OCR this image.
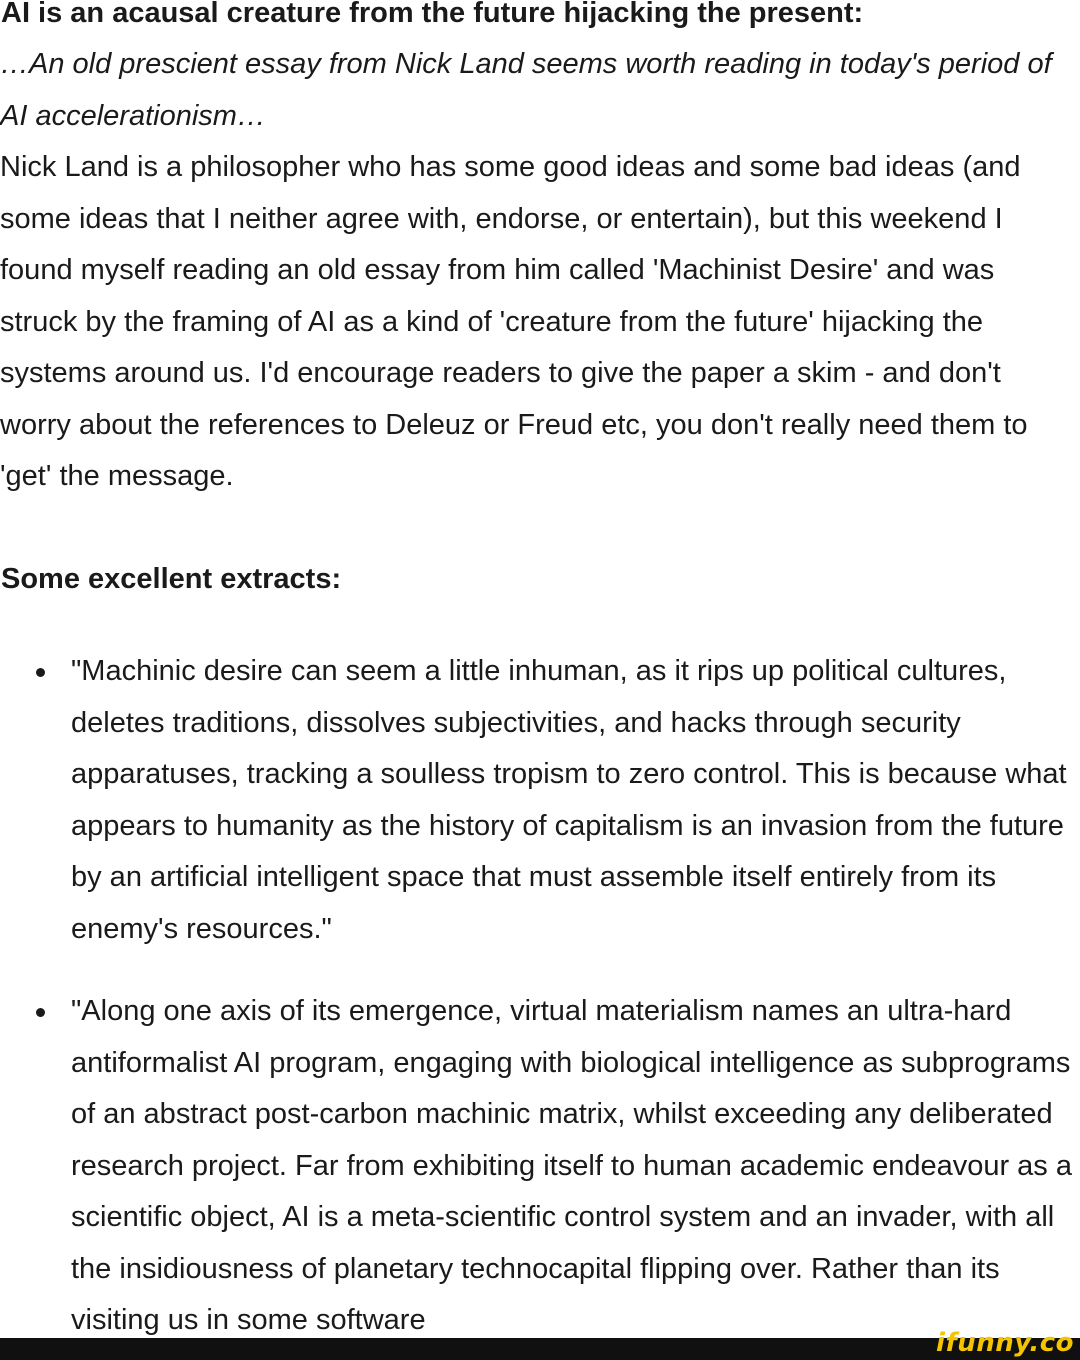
AI is an acausal creature from the future hijacking the present:

…An old prescient essay from Nick Land seems worth reading in today's period of AI accelerationism…

Nick Land is a philosopher who has some good ideas and some bad ideas (and some ideas that I neither agree with, endorse, or entertain), but this weekend I found myself reading an old essay from him called 'Machinist Desire' and was struck by the framing of AI as a kind of 'creature from the future' hijacking the systems around us. I'd encourage readers to give the paper a skim - and don't worry about the references to Deleuz or Freud etc, you don't really need them to 'get' the message.

Some excellent extracts:
"Machinic desire can seem a little inhuman, as it rips up political cultures, deletes traditions, dissolves subjectivities, and hacks through security apparatuses, tracking a soulless tropism to zero control. This is because what appears to humanity as the history of capitalism is an invasion from the future by an artificial intelligent space that must assemble itself entirely from its enemy's resources."
"Along one axis of its emergence, virtual materialism names an ultra-hard antiformalist AI program, engaging with biological intelligence as subprograms of an abstract post-carbon machinic matrix, whilst exceeding any deliberated research project. Far from exhibiting itself to human academic endeavour as a scientific object, AI is a meta-scientific control system and an invader, with all the insidiousness of planetary technocapital flipping over. Rather than its visiting us in some software
ifunny.co
